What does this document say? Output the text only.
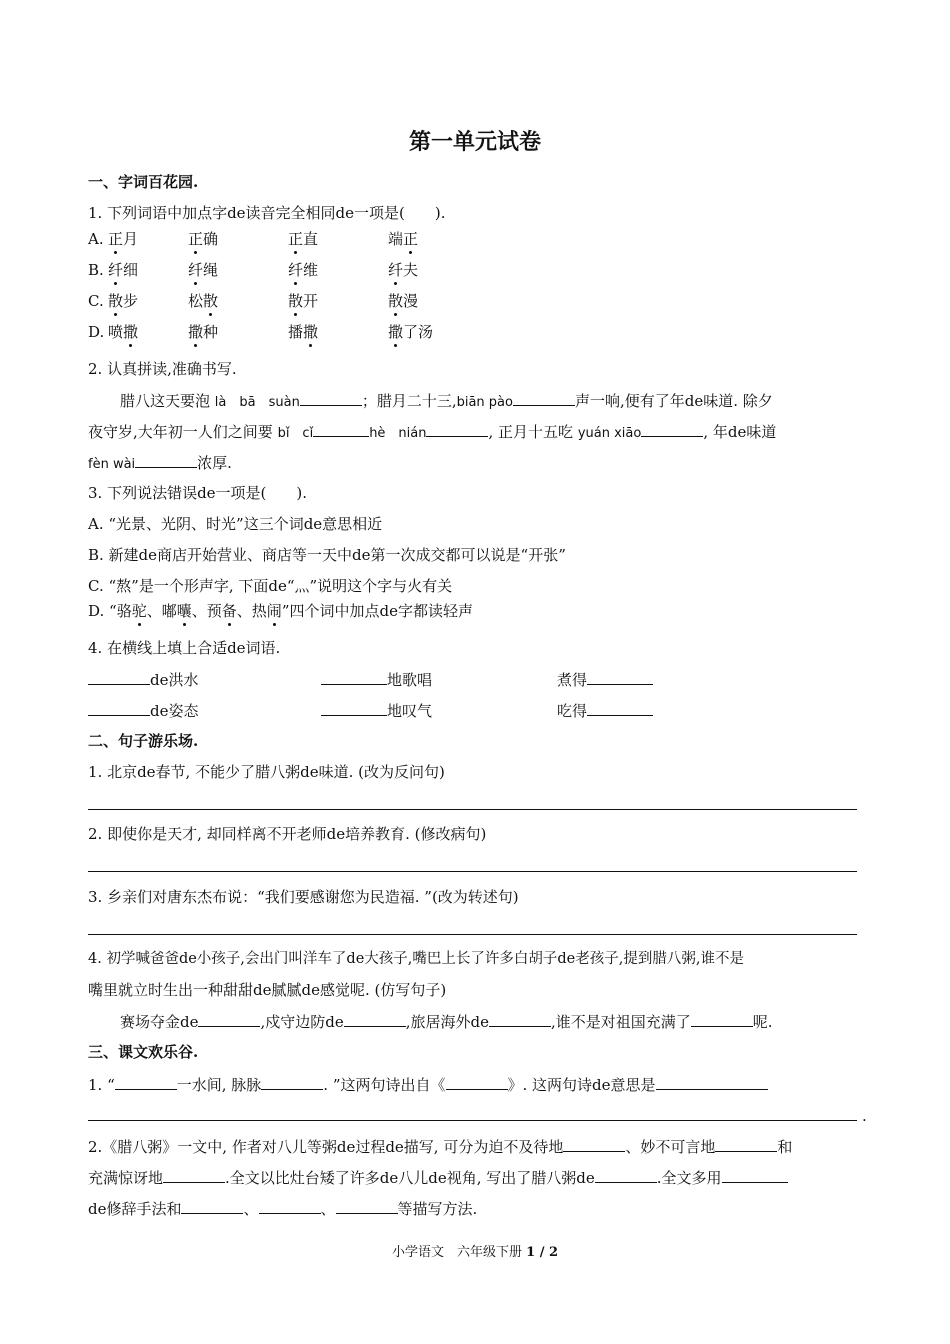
第一单元试卷
一、字词百花园.
1. 下列词语中加点字de读音完全相同de一项是(　　).
A. 正月	正确	正直	端正
B. 纤细	纤绳	纤维	纤夫
C. 散步	松散	散开	散漫
D. 喷撒	撒种	播撒	撒了汤
2. 认真拼读,准确书写.
腊八这天要泡 là　bā　suàn	；腊月二十三,biān pào	声一响,便有了年de味道. 除夕
夜守岁,大年初一人们之间要 bǐ　cǐ	hè　nián	, 正月十五吃 yuán xiāo	, 年de味道
fèn wài	浓厚.
3. 下列说法错误de一项是(　　).
A. “光景、光阴、时光”这三个词de意思相近
B. 新建de商店开始营业、商店等一天中de第一次成交都可以说是“开张”
C. “熬”是一个形声字, 下面de“灬”说明这个字与火有关
D. “骆驼、嘟囔、预备、热闹”四个词中加点de字都读轻声
4. 在横线上填上合适de词语.
de洪水	地歌唱	煮得
de姿态	地叹气	吃得
二、句子游乐场.
1. 北京de春节, 不能少了腊八粥de味道. (改为反问句)
2. 即使你是天才, 却同样离不开老师de培养教育. (修改病句)
3. 乡亲们对唐东杰布说：“我们要感谢您为民造福. ”(改为转述句)
4. 初学喊爸爸de小孩子,会出门叫洋车了de大孩子,嘴巴上长了许多白胡子de老孩子,提到腊八粥,谁不是
嘴里就立时生出一种甜甜de腻腻de感觉呢. (仿写句子)
赛场夺金de	,戍守边防de	,旅居海外de	,谁不是对祖国充满了	呢.
三、课文欢乐谷.
1. “	一水间, 脉脉	. ”这两句诗出自《	》. 这两句诗de意思是
.
2.《腊八粥》一文中, 作者对八儿等粥de过程de描写, 可分为迫不及待地	、妙不可言地	和
充满惊讶地	.全文以比灶台矮了许多de八儿de视角, 写出了腊八粥de	.全文多用
de修辞手法和	、	、	等描写方法.
小学语文　六年级下册 1 / 2
